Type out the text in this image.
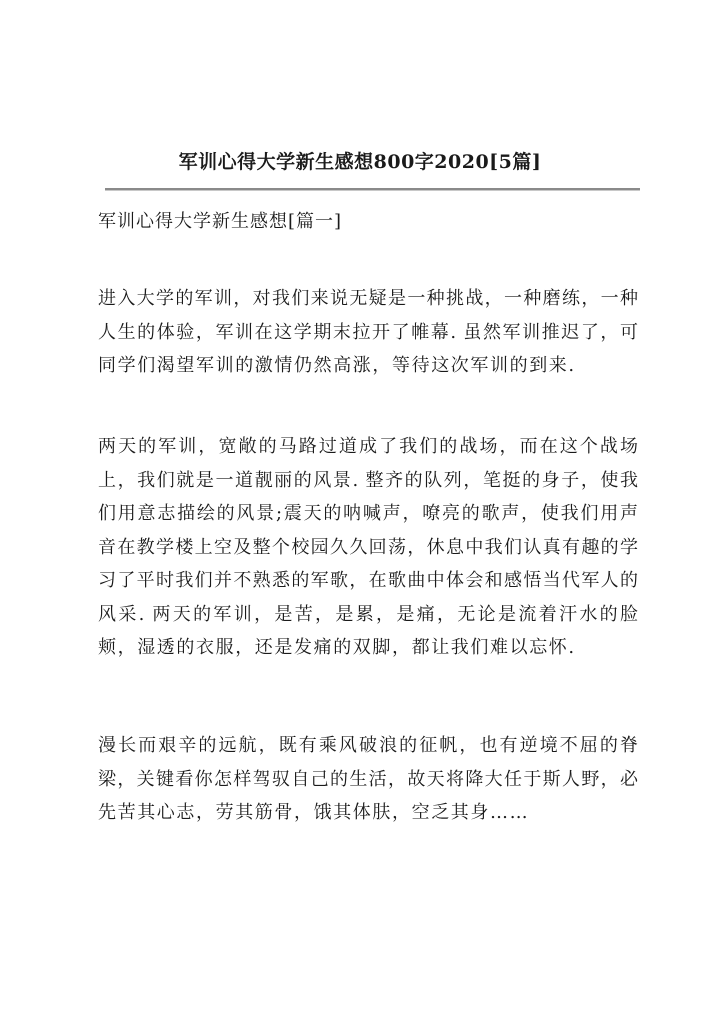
军训心得大学新生感想800字2020[5篇]
军训心得大学新生感想[篇一]
进入大学的军训，对我们来说无疑是一种挑战，一种磨练，一种
人生的体验，军训在这学期末拉开了帷幕. 虽然军训推迟了，可
同学们渴望军训的激情仍然高涨，等待这次军训的到来.
两天的军训，宽敞的马路过道成了我们的战场，而在这个战场
上，我们就是一道靓丽的风景. 整齐的队列，笔挺的身子，使我
们用意志描绘的风景;震天的呐喊声，嘹亮的歌声，使我们用声
音在教学楼上空及整个校园久久回荡，休息中我们认真有趣的学
习了平时我们并不熟悉的军歌，在歌曲中体会和感悟当代军人的
风采. 两天的军训，是苦，是累，是痛，无论是流着汗水的脸
颊，湿透的衣服，还是发痛的双脚，都让我们难以忘怀.
漫长而艰辛的远航，既有乘风破浪的征帆，也有逆境不屈的脊
梁，关键看你怎样驾驭自己的生活，故天将降大任于斯人野，必
先苦其心志，劳其筋骨，饿其体肤，空乏其身……
